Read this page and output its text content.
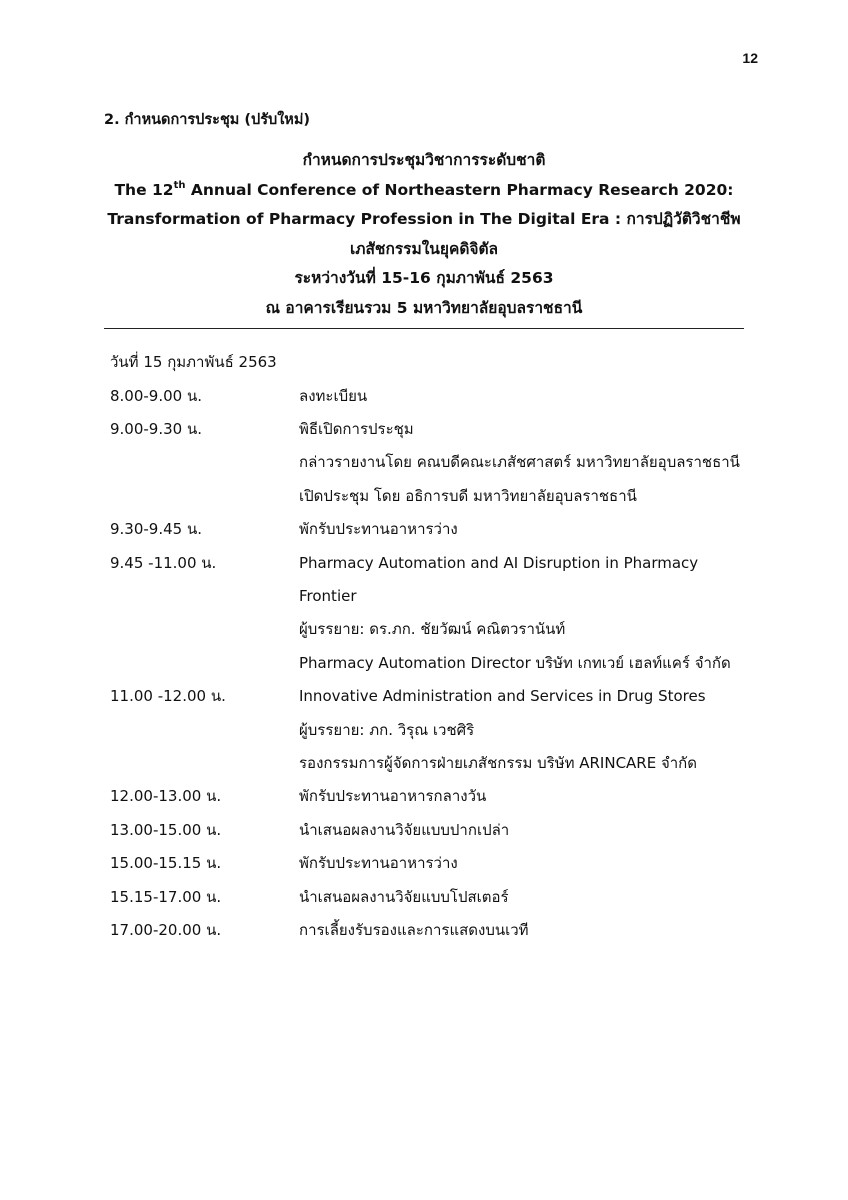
12
2. กำหนดการประชุม (ปรับใหม่)
กำหนดการประชุมวิชาการระดับชาติ
The 12th Annual Conference of Northeastern Pharmacy Research 2020:
Transformation of Pharmacy Profession in The Digital Era : การปฏิวัติวิชาชีพ
เภสัชกรรมในยุคดิจิตัล
ระหว่างวันที่ 15-16 กุมภาพันธ์ 2563
ณ อาคารเรียนรวม 5 มหาวิทยาลัยอุบลราชธานี
วันที่ 15 กุมภาพันธ์ 2563
8.00-9.00 น.	ลงทะเบียน
9.00-9.30 น.	พิธีเปิดการประชุม
กล่าวรายงานโดย คณบดีคณะเภสัชศาสตร์ มหาวิทยาลัยอุบลราชธานี
เปิดประชุม โดย อธิการบดี มหาวิทยาลัยอุบลราชธานี
9.30-9.45 น.	พักรับประทานอาหารว่าง
9.45 -11.00 น.	Pharmacy Automation and AI Disruption in Pharmacy
Frontier
ผู้บรรยาย: ดร.ภก. ชัยวัฒน์ คณิตวรานันท์
Pharmacy Automation Director บริษัท เกทเวย์ เฮลท์แคร์ จำกัด
11.00 -12.00 น.	Innovative Administration and Services in Drug Stores
ผู้บรรยาย: ภก. วิรุณ เวชศิริ
รองกรรมการผู้จัดการฝ่ายเภสัชกรรม บริษัท ARINCARE จำกัด
12.00-13.00 น.	พักรับประทานอาหารกลางวัน
13.00-15.00 น.	นำเสนอผลงานวิจัยแบบปากเปล่า
15.00-15.15 น.	พักรับประทานอาหารว่าง
15.15-17.00 น.	นำเสนอผลงานวิจัยแบบโปสเตอร์
17.00-20.00 น.	การเลี้ยงรับรองและการแสดงบนเวที
